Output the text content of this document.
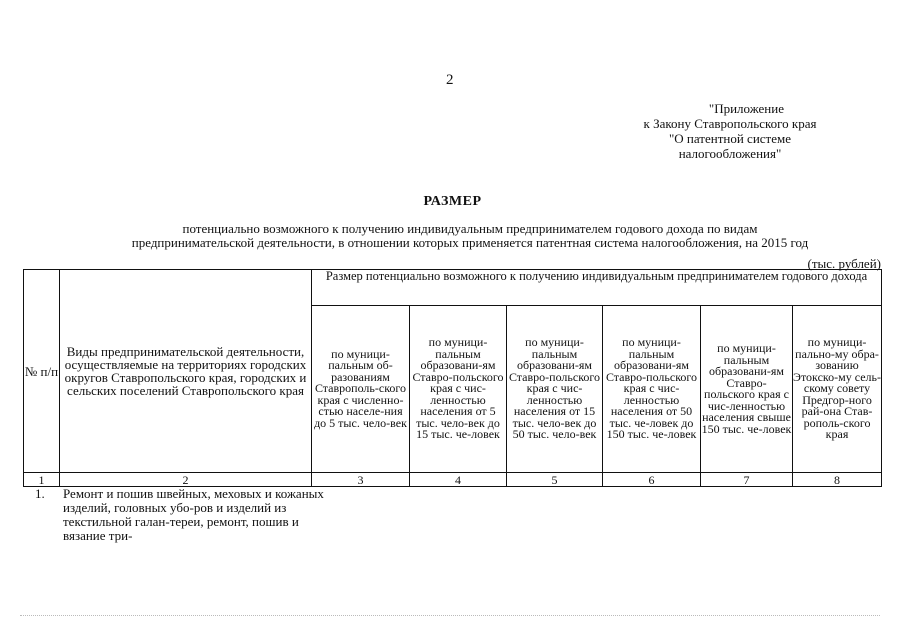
2
"Приложение
к Закону Ставропольского края
"О патентной системе
налогообложения"
РАЗМЕР
потенциально возможного к получению индивидуальным предпринимателем годового дохода по видам
предпринимательской деятельности, в отношении которых применяется патентная система налогообложения, на 2015 год
(тыс. рублей)
№ п/п	Виды предпринимательской деятельности, осуществляемые на территориях городских округов Ставропольского края, городских и сельских поселений Ставропольского края	Размер потенциально возможного к получению индивидуальным предпринимателем годового дохода					
		по муници-пальным об-разованиям Ставрополь-ского края с численно-стью населе-ния до 5 тыс. чело-век	по муници-пальным образовани-ям Ставро-польского края с чис-ленностью населения от 5 тыс. чело-век до 15 тыс. че-ловек	по муници-пальным образовани-ям Ставро-польского края с чис-ленностью населения от 15 тыс. чело-век до 50 тыс. чело-век	по муници-пальным образовани-ям Ставро-польского края с чис-ленностью населения от 50 тыс. че-ловек до 150 тыс. че-ловек	по муници-пальным образовани-ям Ставро-польского края с чис-ленностью населения свыше 150 тыс. че-ловек	по муници-пально-му обра-зованию Этокско-му сель-скому совету Предгор-ного рай-она Став-рополь-ского края
1	2	3	4	5	6	7	8
1. Ремонт и пошив швейных, меховых и кожаных изделий, головных убо-ров и изделий из текстильной галан-тереи, ремонт, пошив и вязание три-
